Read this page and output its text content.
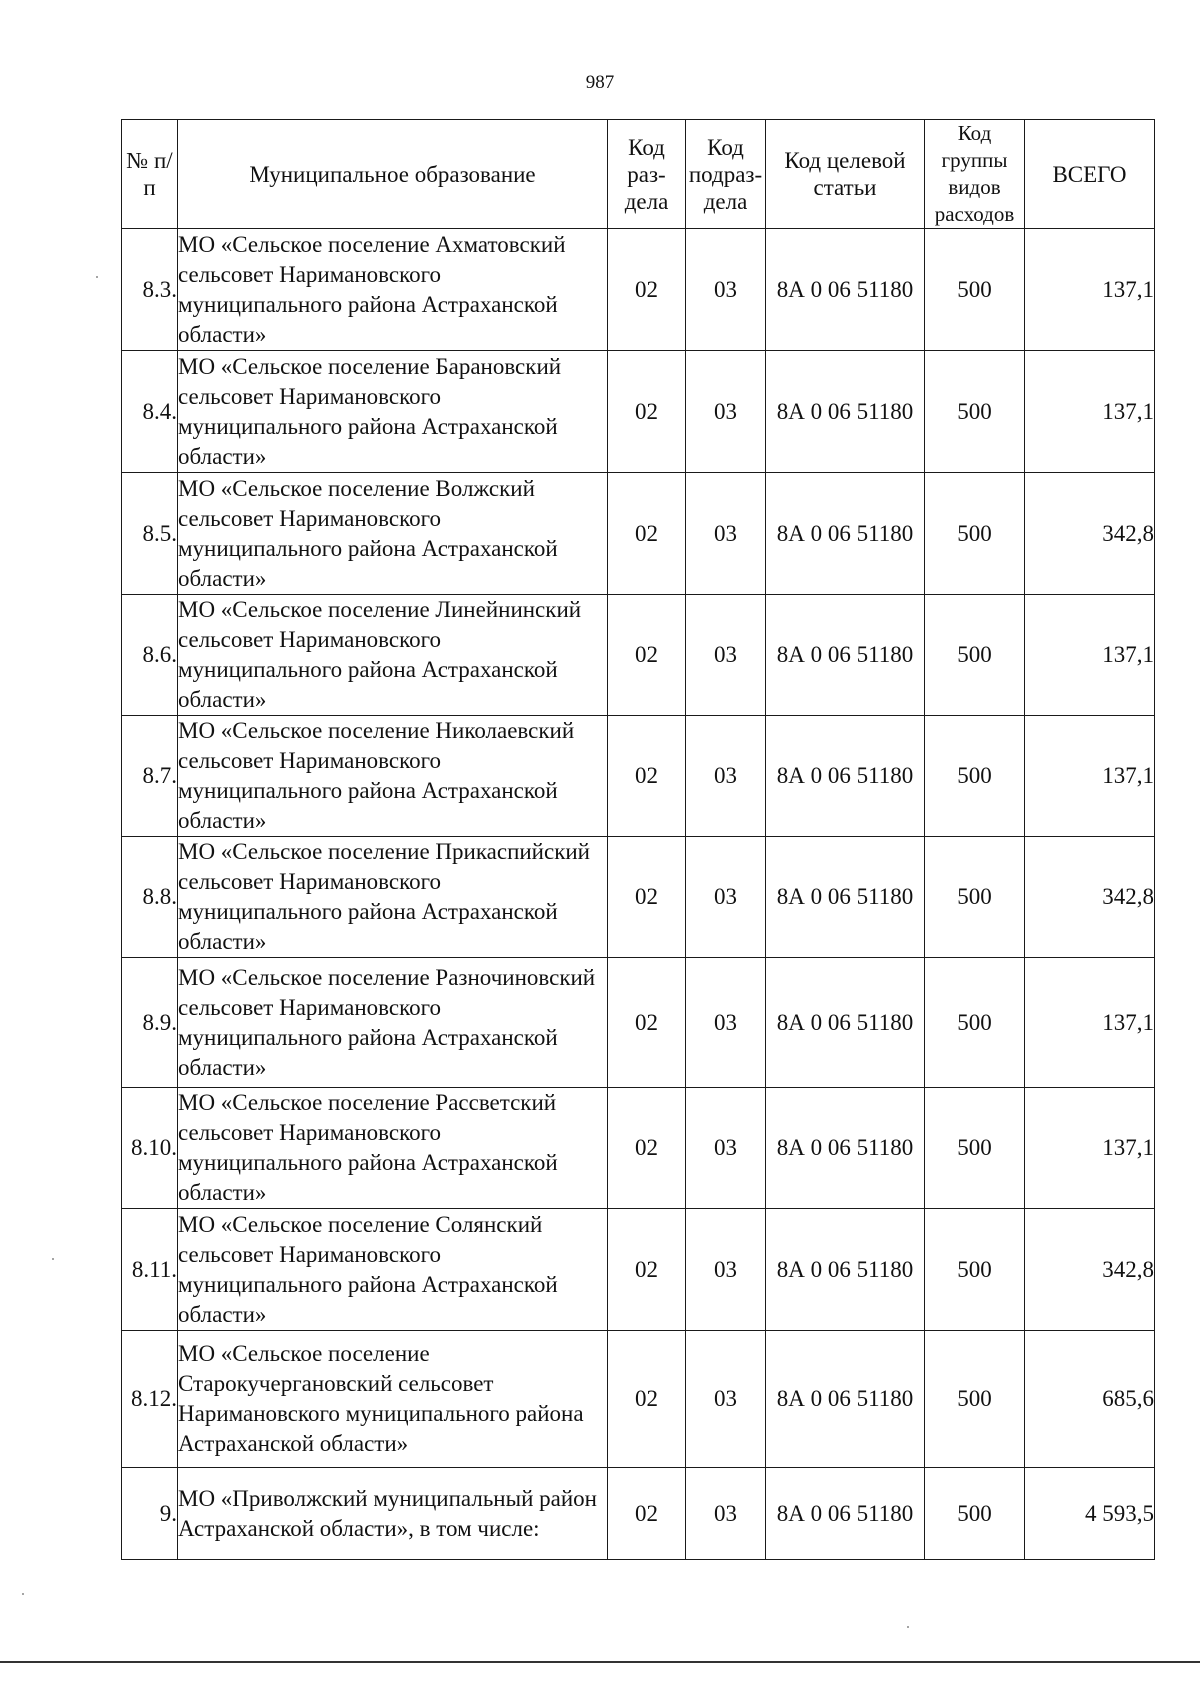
987
№ п/п	Муниципальное образование	Код раз-дела	Код подраз-дела	Код целевой статьи	Код группы видов расходов	ВСЕГО
8.3.	МО «Сельское поселение Ахматовский сельсовет Наримановского муниципального района Астраханской области»	02	03	8А 0 06 51180	500	137,1
8.4.	МО «Сельское поселение Барановский сельсовет Наримановского муниципального района Астраханской области»	02	03	8А 0 06 51180	500	137,1
8.5.	МО «Сельское поселение Волжский сельсовет Наримановского муниципального района Астраханской области»	02	03	8А 0 06 51180	500	342,8
8.6.	МО «Сельское поселение Линейнинский сельсовет Наримановского муниципального района Астраханской области»	02	03	8А 0 06 51180	500	137,1
8.7.	МО «Сельское поселение Николаевский сельсовет Наримановского муниципального района Астраханской области»	02	03	8А 0 06 51180	500	137,1
8.8.	МО «Сельское поселение Прикаспийский сельсовет Наримановского муниципального района Астраханской области»	02	03	8А 0 06 51180	500	342,8
8.9.	МО «Сельское поселение Разночиновский сельсовет Наримановского муниципального района Астраханской области»	02	03	8А 0 06 51180	500	137,1
8.10.	МО «Сельское поселение Рассветский сельсовет Наримановского муниципального района Астраханской области»	02	03	8А 0 06 51180	500	137,1
8.11.	МО «Сельское поселение Солянский сельсовет Наримановского муниципального района Астраханской области»	02	03	8А 0 06 51180	500	342,8
8.12.	МО «Сельское поселение Старокучергановский сельсовет Наримановского муниципального района Астраханской области»	02	03	8А 0 06 51180	500	685,6
9.	МО «Приволжский муниципальный район Астраханской области», в том числе:	02	03	8А 0 06 51180	500	4 593,5
